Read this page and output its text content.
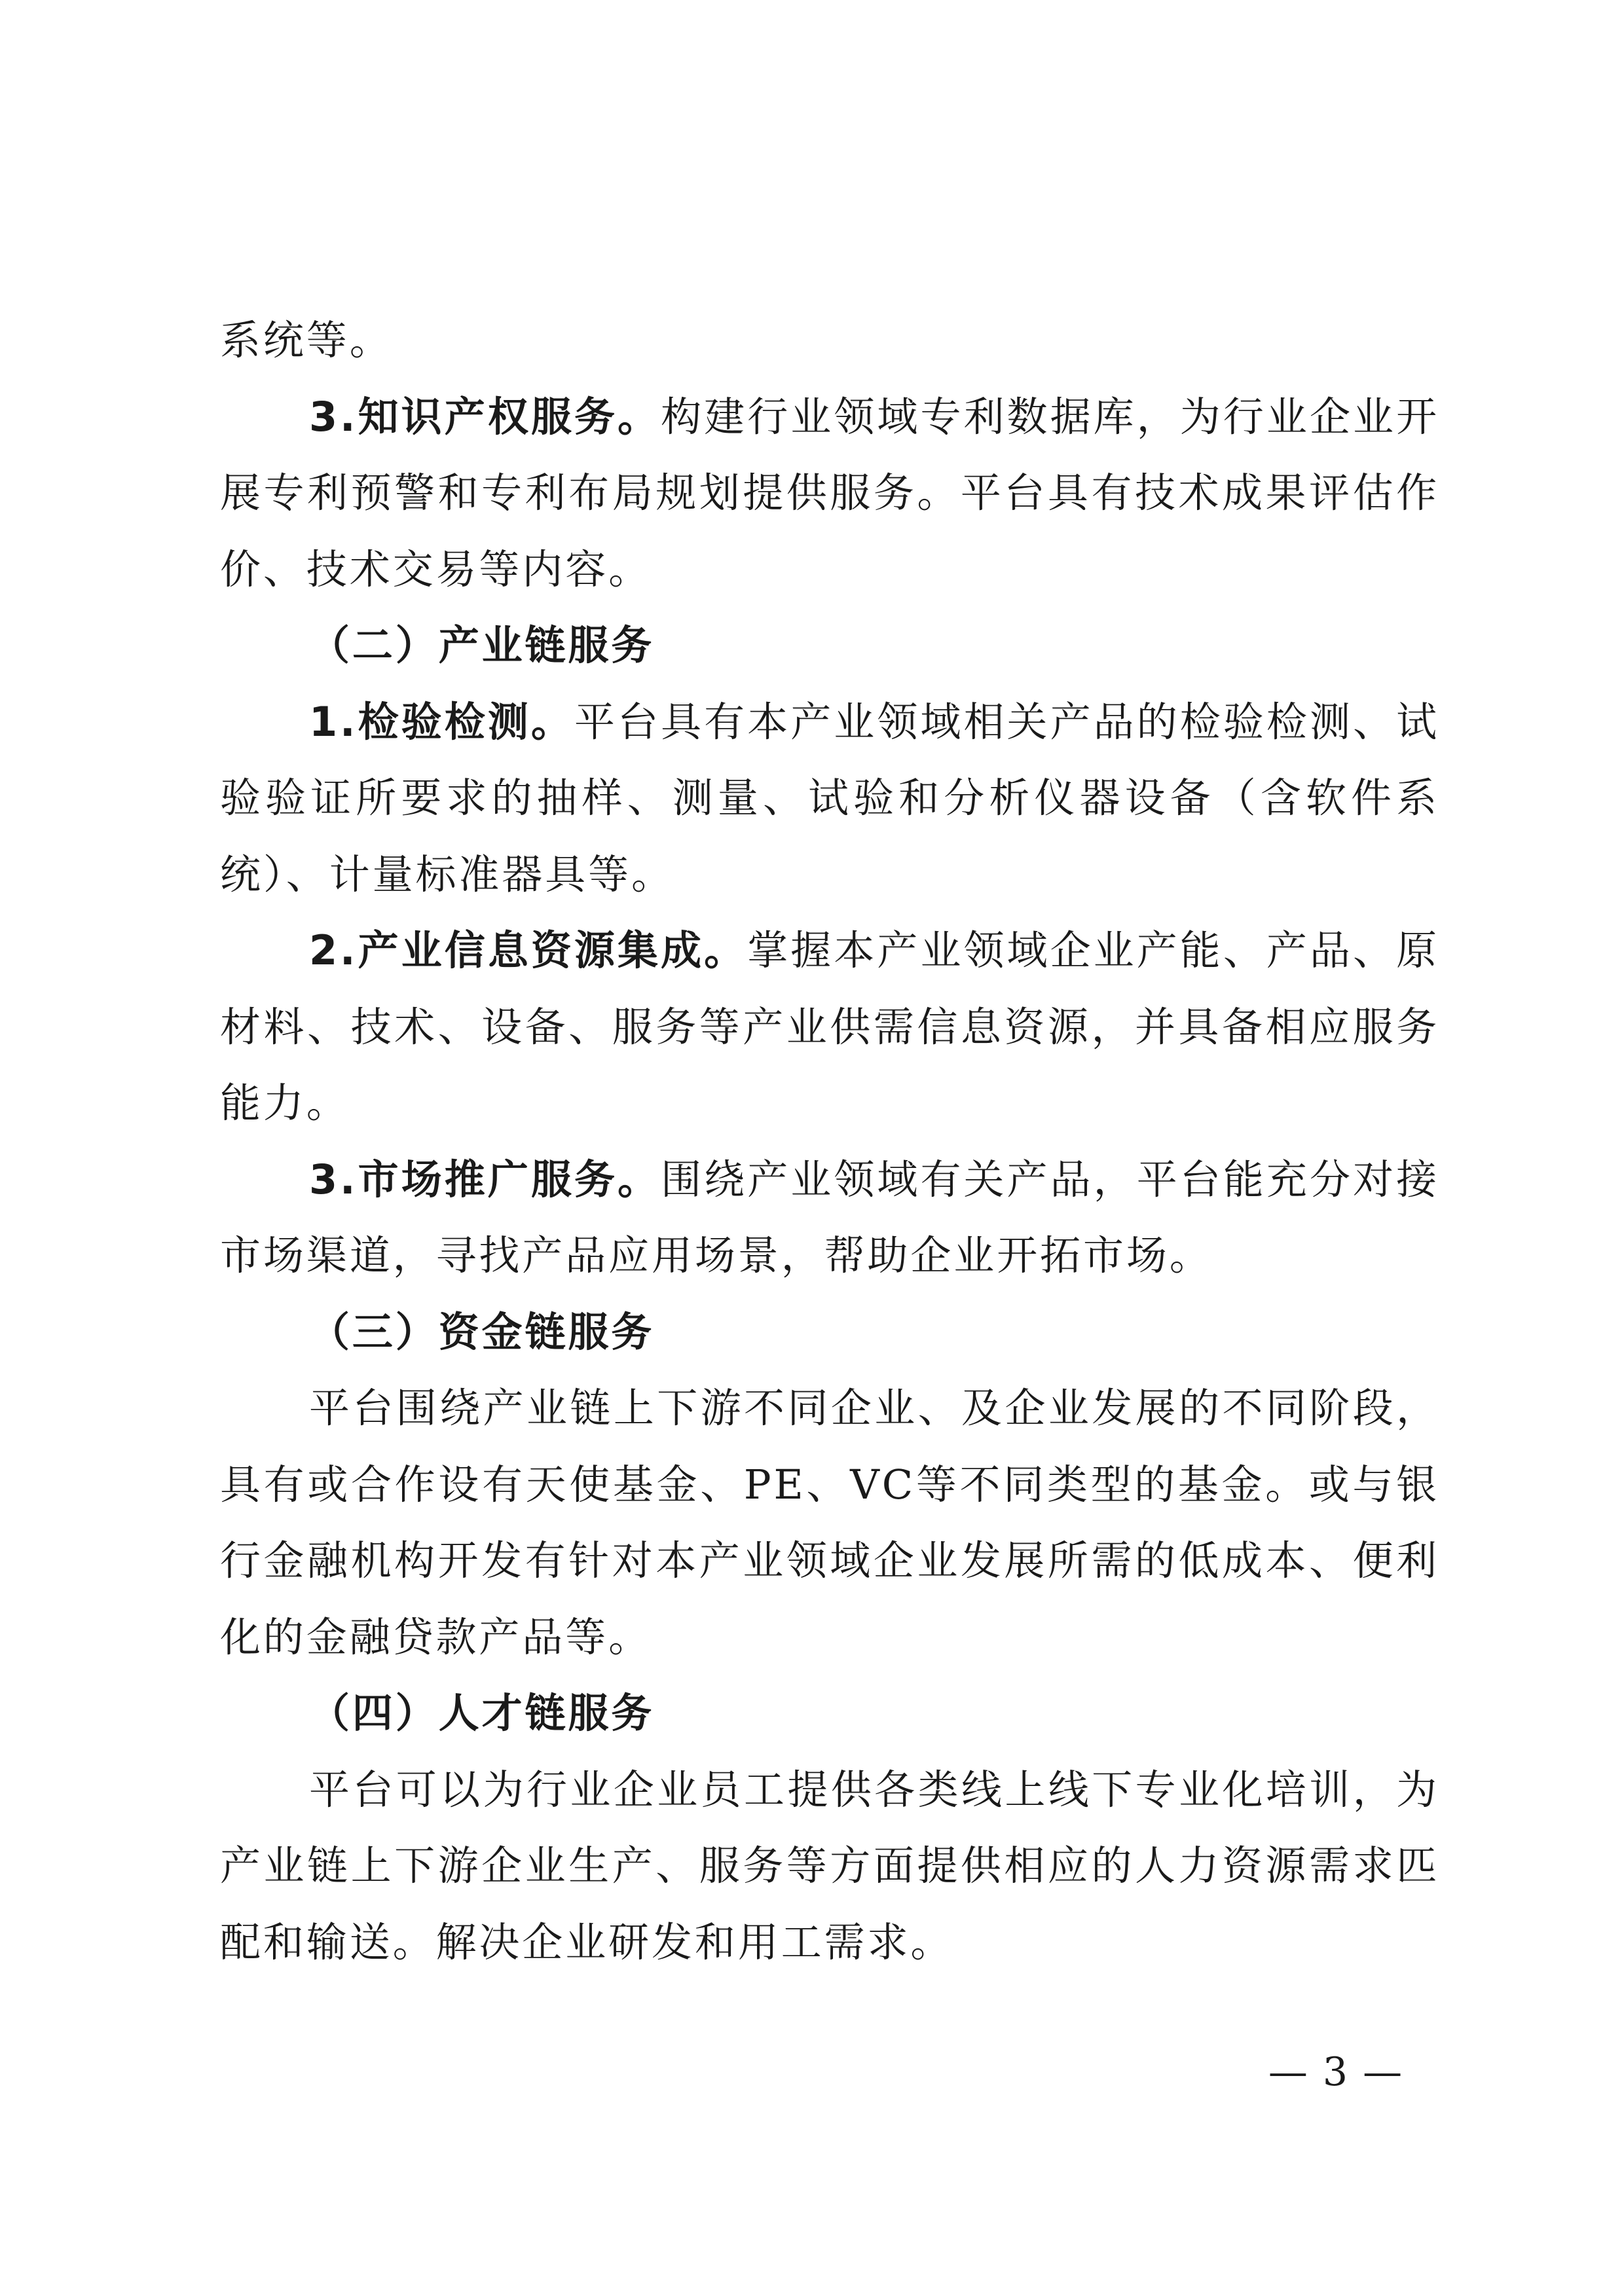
系统等。

3.知识产权服务。构建行业领域专利数据库，为行业企业开展专利预警和专利布局规划提供服务。平台具有技术成果评估作价、技术交易等内容。

（二）产业链服务

1.检验检测。平台具有本产业领域相关产品的检验检测、试验验证所要求的抽样、测量、试验和分析仪器设备（含软件系统）、计量标准器具等。

2.产业信息资源集成。掌握本产业领域企业产能、产品、原材料、技术、设备、服务等产业供需信息资源，并具备相应服务能力。

3.市场推广服务。围绕产业领域有关产品，平台能充分对接市场渠道，寻找产品应用场景，帮助企业开拓市场。

（三）资金链服务

平台围绕产业链上下游不同企业、及企业发展的不同阶段，具有或合作设有天使基金、PE、VC等不同类型的基金。或与银行金融机构开发有针对本产业领域企业发展所需的低成本、便利化的金融贷款产品等。

（四）人才链服务

平台可以为行业企业员工提供各类线上线下专业化培训，为产业链上下游企业生产、服务等方面提供相应的人力资源需求匹配和输送。解决企业研发和用工需求。

— 3 —
